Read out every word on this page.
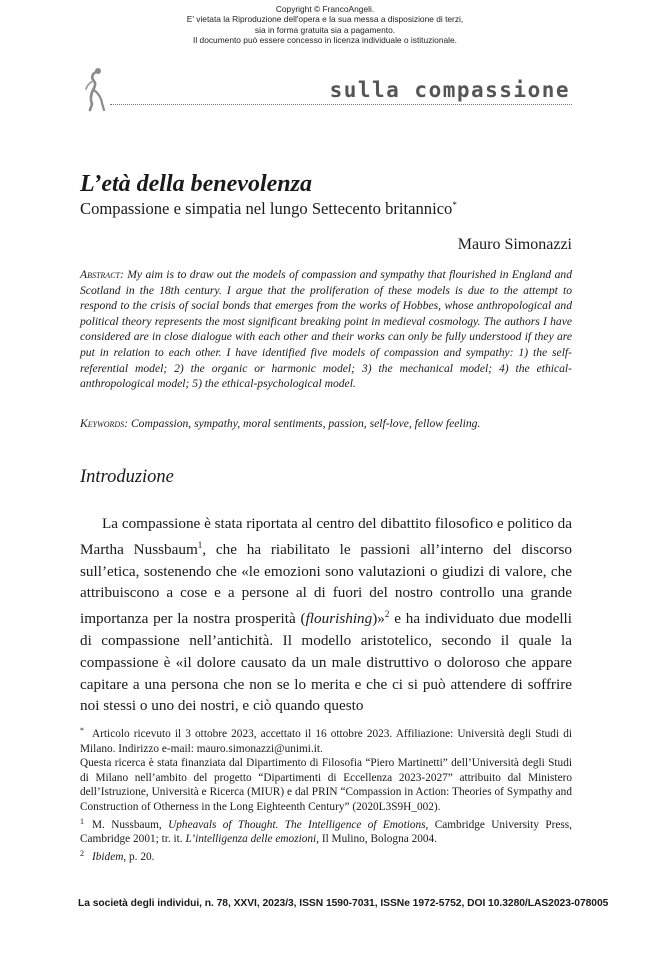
Copyright © FrancoAngeli.
E' vietata la Riproduzione dell'opera e la sua messa a disposizione di terzi,
sia in forma gratuita sia a pagamento.
Il documento può essere concesso in licenza individuale o istituzionale.
sulla compassione
L’età della benevolenza
Compassione e simpatia nel lungo Settecento britannico*
Mauro Simonazzi
Abstract: My aim is to draw out the models of compassion and sympathy that flourished in England and Scotland in the 18th century. I argue that the proliferation of these models is due to the attempt to respond to the crisis of social bonds that emerges from the works of Hobbes, whose anthropological and political theory represents the most significant breaking point in medieval cosmology. The authors I have considered are in close dialogue with each other and their works can only be fully understood if they are put in relation to each other. I have identified five models of compassion and sympathy: 1) the self-referential model; 2) the organic or harmonic model; 3) the mechanical model; 4) the ethical-anthropological model; 5) the ethical-psychological model.
Keywords: Compassion, sympathy, moral sentiments, passion, self-love, fellow feeling.
Introduzione
La compassione è stata riportata al centro del dibattito filosofico e politico da Martha Nussbaum$^1$, che ha riabilitato le passioni all’interno del discorso sull’etica, sostenendo che «le emozioni sono valutazioni o giudizi di valore, che attribuiscono a cose e a persone al di fuori del nostro controllo una grande importanza per la nostra prosperità (flourishing)»$^2$ e ha individuato due modelli di compassione nell’antichità. Il modello aristotelico, secondo il quale la compassione è «il dolore causato da un male distruttivo o doloroso che appare capitare a una persona che non se lo merita e che ci si può attendere di soffrire noi stessi o uno dei nostri, e ciò quando questo

* Articolo ricevuto il 3 ottobre 2023, accettato il 16 ottobre 2023. Affiliazione: Università degli Studi di Milano. Indirizzo e-mail: mauro.simonazzi@unimi.it.

Questa ricerca è stata finanziata dal Dipartimento di Filosofia “Piero Martinetti” dell’Università degli Studi di Milano nell’ambito del progetto “Dipartimenti di Eccellenza 2023-2027” attribuito dal Ministero dell’Istruzione, Università e Ricerca (MIUR) e dal PRIN “Compassion in Action: Theories of Sympathy and Construction of Otherness in the Long Eighteenth Century” (2020L3S9H_002).

$^1$ M. Nussbaum, Upheavals of Thought. The Intelligence of Emotions, Cambridge University Press, Cambridge 2001; tr. it. L’intelligenza delle emozioni, Il Mulino, Bologna 2004.

$^2$ Ibidem, p. 20.

La società degli individui, n. 78, XXVI, 2023/3, ISSN 1590-7031, ISSNe 1972-5752, DOI 10.3280/LAS2023-078005
